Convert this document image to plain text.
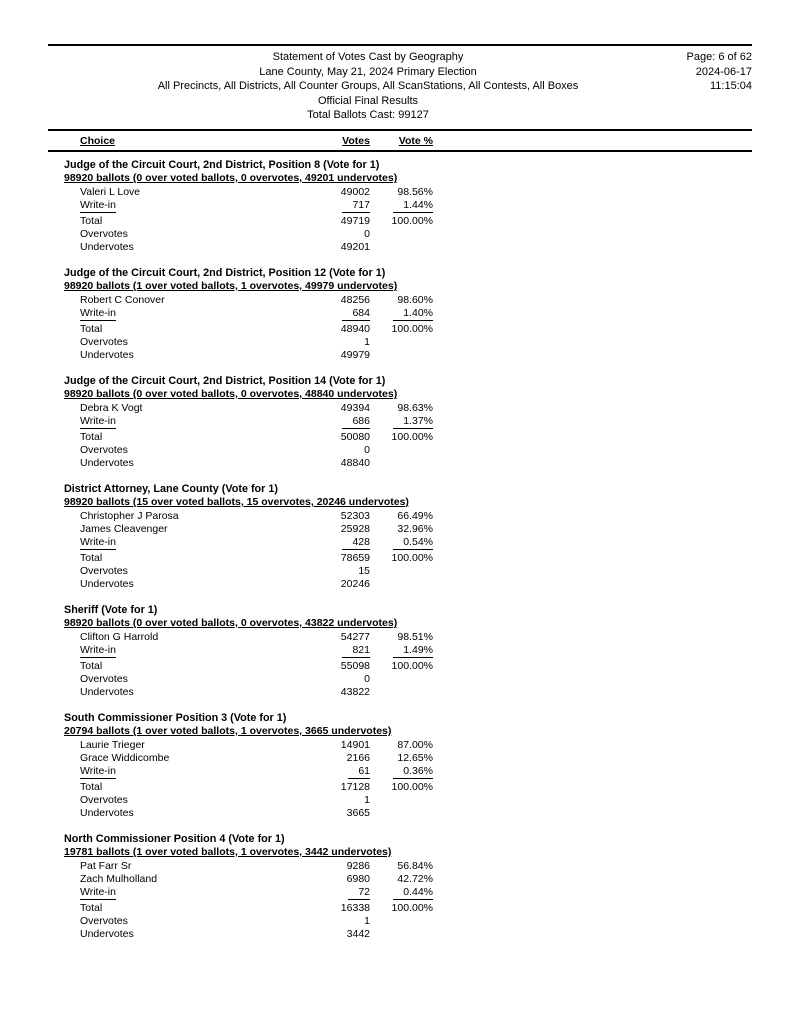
Statement of Votes Cast by Geography
Lane County, May 21, 2024 Primary Election
All Precincts, All Districts, All Counter Groups, All ScanStations, All Contests, All Boxes
Official Final Results
Total Ballots Cast: 99127
Page: 6 of 62
2024-06-17
11:15:04
Choice	Votes	Vote %
Judge of the Circuit Court, 2nd District, Position 8 (Vote for 1)
98920 ballots (0 over voted ballots, 0 overvotes, 49201 undervotes)
Valeri L Love	49002	98.56%
Write-in	717	1.44%
Total	49719	100.00%
Overvotes	0
Undervotes	49201
Judge of the Circuit Court, 2nd District, Position 12 (Vote for 1)
98920 ballots (1 over voted ballots, 1 overvotes, 49979 undervotes)
Robert C Conover	48256	98.60%
Write-in	684	1.40%
Total	48940	100.00%
Overvotes	1
Undervotes	49979
Judge of the Circuit Court, 2nd District, Position 14 (Vote for 1)
98920 ballots (0 over voted ballots, 0 overvotes, 48840 undervotes)
Debra K Vogt	49394	98.63%
Write-in	686	1.37%
Total	50080	100.00%
Overvotes	0
Undervotes	48840
District Attorney, Lane County (Vote for 1)
98920 ballots (15 over voted ballots, 15 overvotes, 20246 undervotes)
Christopher J Parosa	52303	66.49%
James Cleavenger	25928	32.96%
Write-in	428	0.54%
Total	78659	100.00%
Overvotes	15
Undervotes	20246
Sheriff (Vote for 1)
98920 ballots (0 over voted ballots, 0 overvotes, 43822 undervotes)
Clifton G Harrold	54277	98.51%
Write-in	821	1.49%
Total	55098	100.00%
Overvotes	0
Undervotes	43822
South Commissioner Position 3 (Vote for 1)
20794 ballots (1 over voted ballots, 1 overvotes, 3665 undervotes)
Laurie Trieger	14901	87.00%
Grace Widdicombe	2166	12.65%
Write-in	61	0.36%
Total	17128	100.00%
Overvotes	1
Undervotes	3665
North Commissioner Position 4 (Vote for 1)
19781 ballots (1 over voted ballots, 1 overvotes, 3442 undervotes)
Pat Farr Sr	9286	56.84%
Zach Mulholland	6980	42.72%
Write-in	72	0.44%
Total	16338	100.00%
Overvotes	1
Undervotes	3442
